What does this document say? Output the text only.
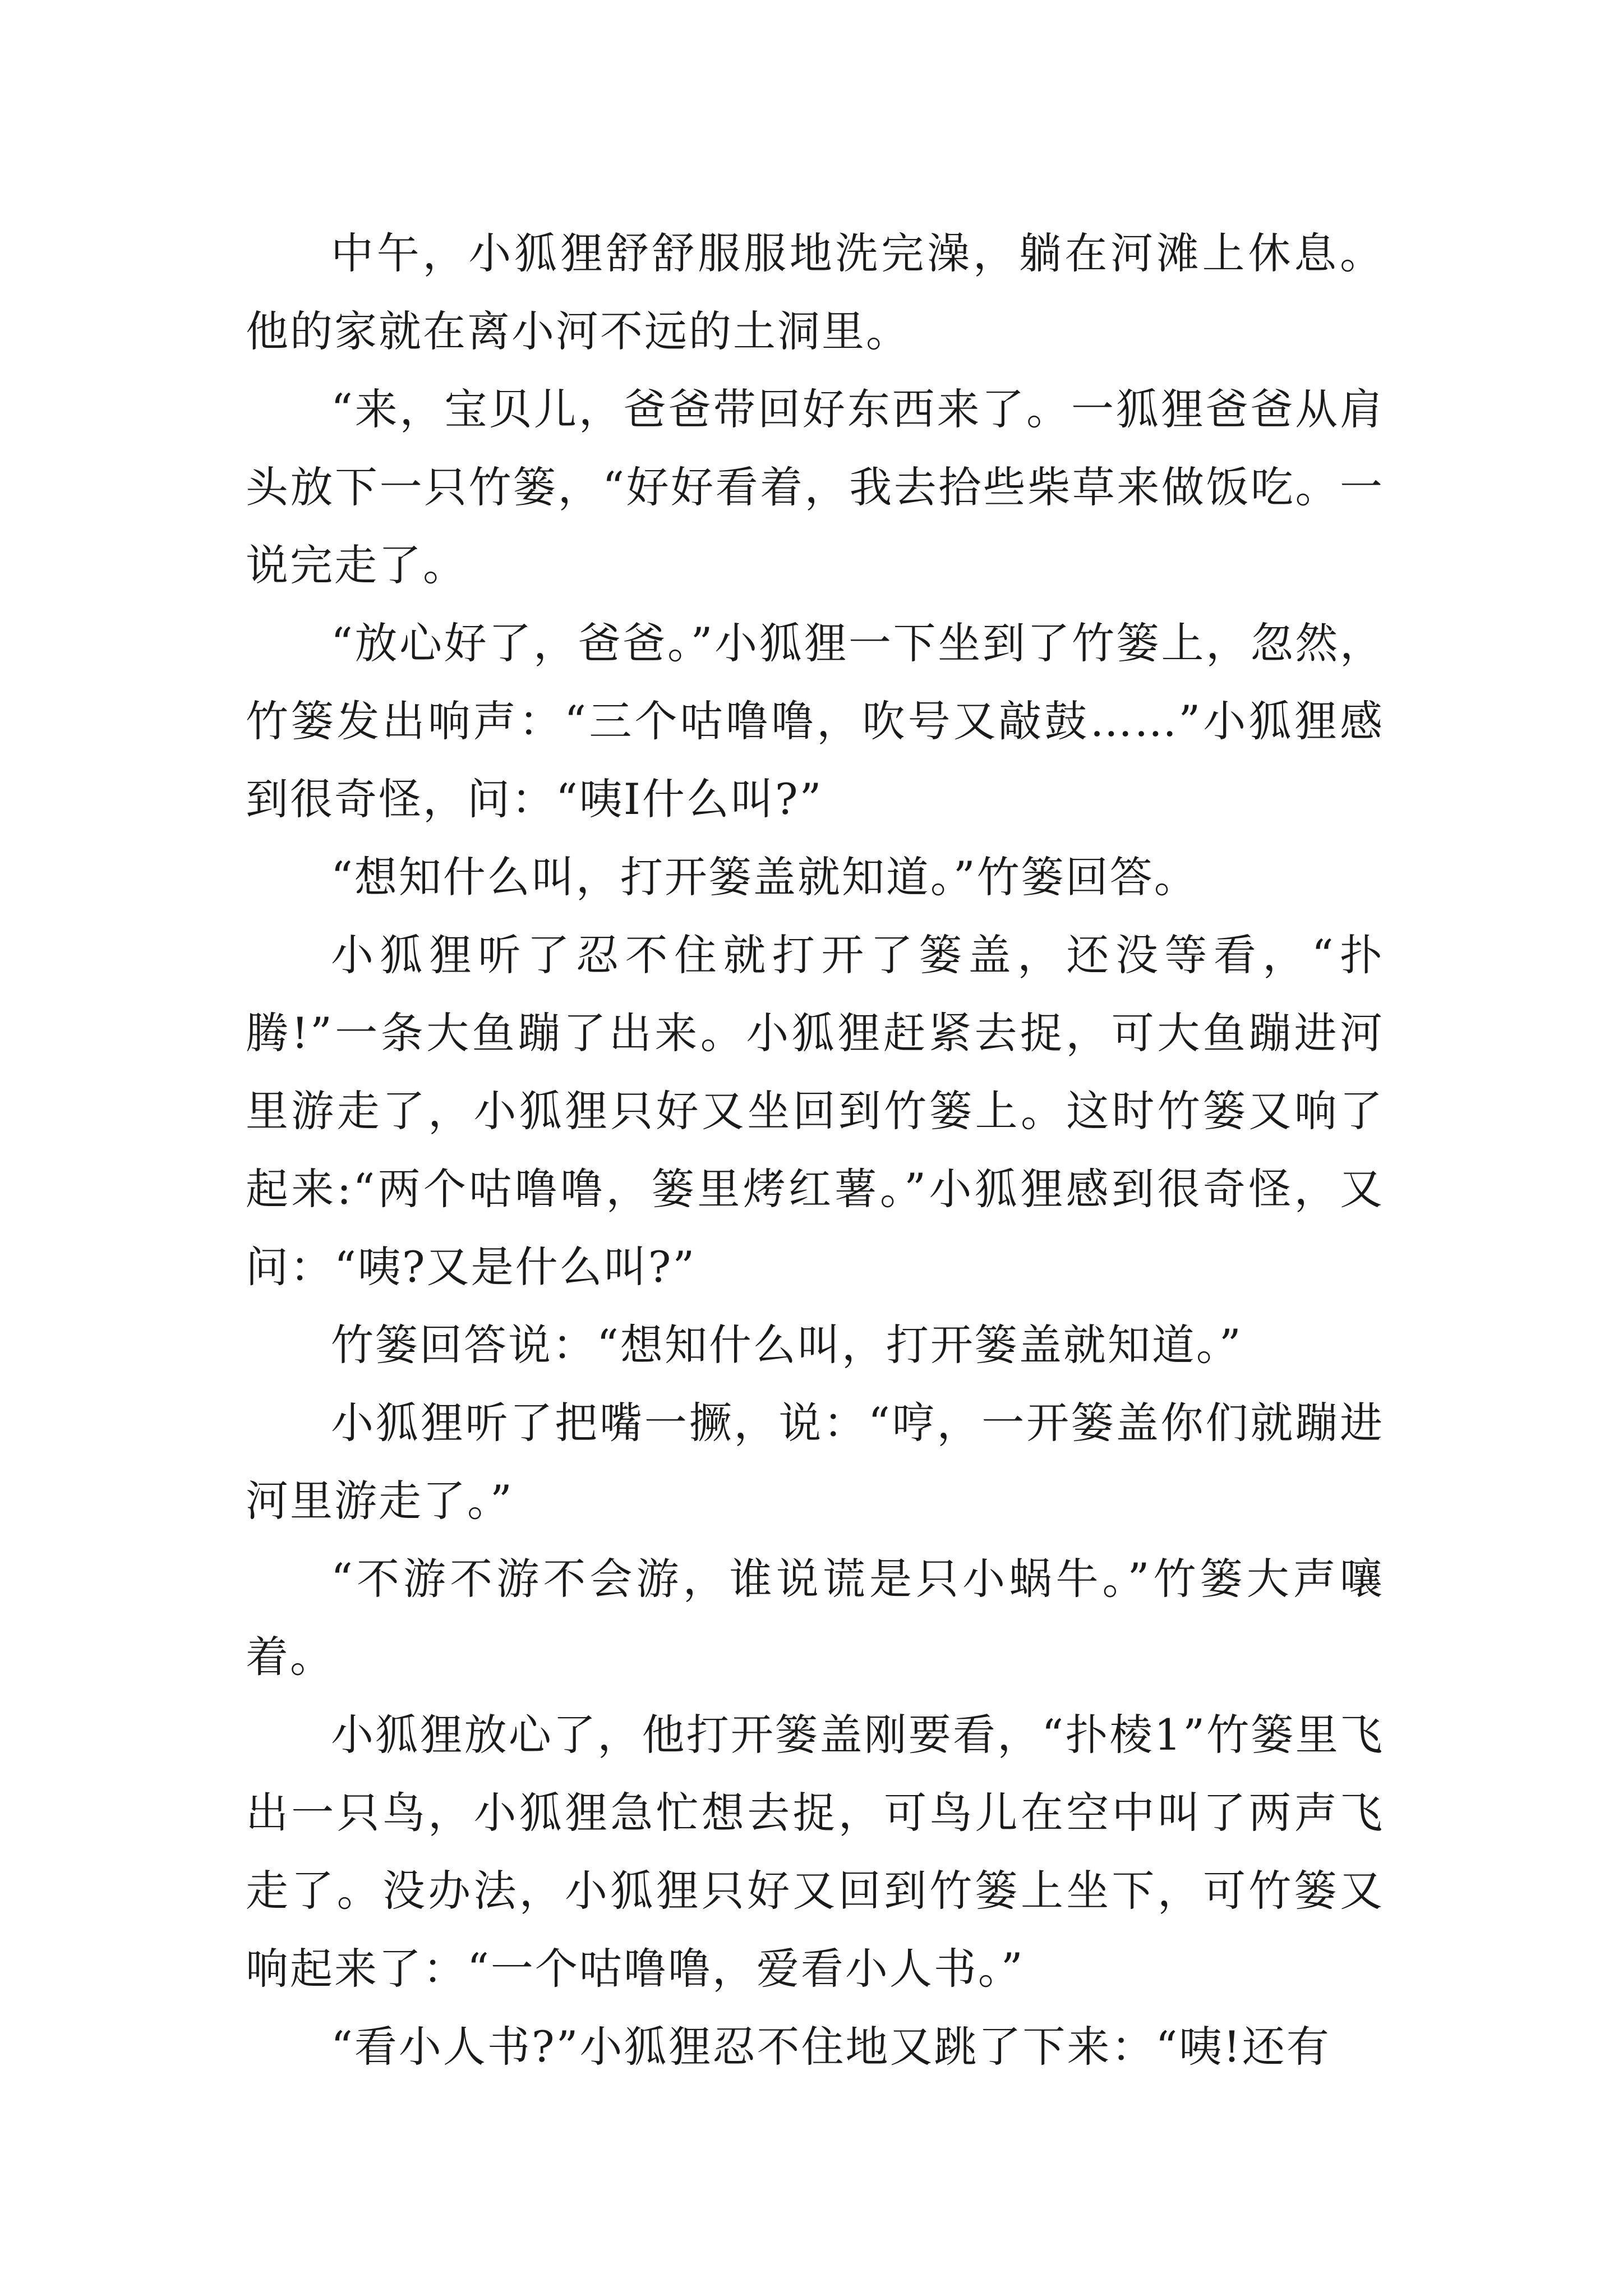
中午，小狐狸舒舒服服地洗完澡，躺在河滩上休息。他的家就在离小河不远的土洞里。

“来，宝贝儿，爸爸带回好东西来了。一狐狸爸爸从肩头放下一只竹篓，“好好看着，我去拾些柴草来做饭吃。一说完走了。

“放心好了，爸爸。”小狐狸一下坐到了竹篓上，忽然，竹篓发出响声：“三个咕噜噜，吹号又敲鼓……”小狐狸感到很奇怪，问：“咦Ⅰ什么叫?”

“想知什么叫，打开篓盖就知道。”竹篓回答。

小狐狸听了忍不住就打开了篓盖，还没等看，“扑腾!”一条大鱼蹦了出来。小狐狸赶紧去捉，可大鱼蹦进河里游走了，小狐狸只好又坐回到竹篓上。这时竹篓又响了起来:“两个咕噜噜，篓里烤红薯。”小狐狸感到很奇怪，又问：“咦?又是什么叫?”

竹篓回答说：“想知什么叫，打开篓盖就知道。”

小狐狸听了把嘴一撅，说：“哼，一开篓盖你们就蹦进河里游走了。”

“不游不游不会游，谁说谎是只小蜗牛。”竹篓大声嚷着。

小狐狸放心了，他打开篓盖刚要看，“扑棱1”竹篓里飞出一只鸟，小狐狸急忙想去捉，可鸟儿在空中叫了两声飞走了。没办法，小狐狸只好又回到竹篓上坐下，可竹篓又响起来了：“一个咕噜噜，爱看小人书。”

“看小人书?”小狐狸忍不住地又跳了下来：“咦!还有
